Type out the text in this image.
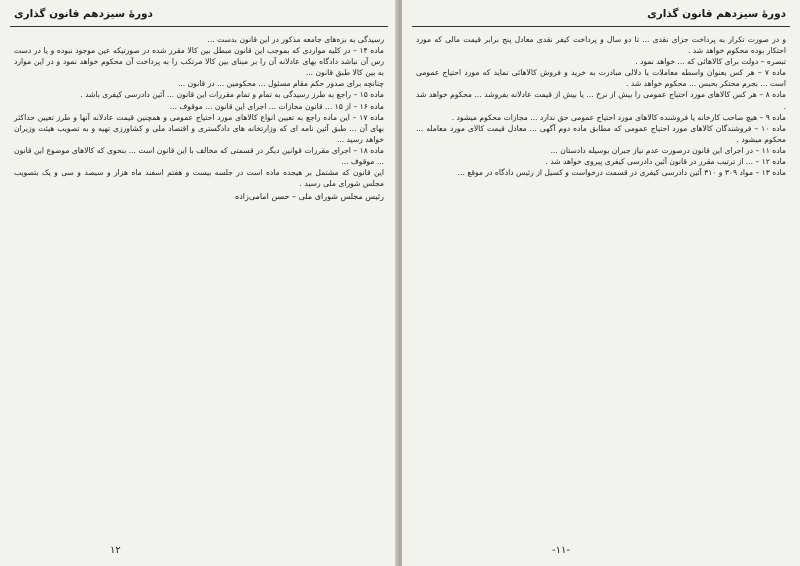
دورۀ سیزدهم قانون گذاری

رسیدگی به بزه‌های جامعه مذکور در این قانون بدست ...

ماده ۱۴ – در کلیه مواردی که بموجب این قانون مبطل بین کالا مقرر شده در صورتیکه عین موجود نبوده و یا در دست رس آن نباشد دادگاه بهای عادلانه آن را بر مبنای بین کالا مرتکب را به پرداخت آن محکوم خواهد نمود و در این موارد به بین کالا طبق قانون ...

چنانچه برای صدور حکم مقام مسئول ... محکومین ... در قانون ...

ماده ۱۵ – راجع به طرز رسیدگی به تمام و تمام مقررات این قانون ... آئین دادرسی کیفری باشد .

ماده ۱۶ – از ۱۵ ... قانون مجازات ... اجرای این قانون ... موقوف ...

ماده ۱۷ – این ماده راجع به تعیین انواع کالاهای مورد احتیاج عمومی و همچنین قیمت عادلانه آنها و طرز تعیین حداکثر بهای آن ... طبق آئین نامه ای که وزارتخانه های دادگستری و اقتصاد ملی و کشاورزی تهیه و به تصویب هیئت وزیران خواهد رسید ...

ماده ۱۸ – اجرای مقررات قوانین دیگر در قسمتی که مخالف با این قانون است ... بنحوی که کالاهای موضوع این قانون ... موقوف ...

این قانون که مشتمل بر هیجده ماده است در جلسه بیست و هفتم اسفند ماه هزار و سیصد و سی و یک بتصویب مجلس شورای ملی رسید .

رئیس مجلس شورای ملی – حسن امامی‌زاده
۱۲
دورۀ سیزدهم قانون گذاری

و در صورت تکرار به پرداخت جزای نقدی ... تا دو سال و پرداخت کیفر نقدی معادل پنج برابر قیمت مالی که مورد احتکار بوده محکوم خواهد شد .

تبصره – دولت برای کالاهائی که ... خواهد نمود .

ماده ۷ – هر کس بعنوان واسطه معاملات یا دلالی مبادرت به خرید و فروش کالاهائی نماید که مورد احتیاج عمومی است ... بجرم محتکر بحبس ... محکوم خواهد شد .

ماده ۸ – هر کس کالاهای مورد احتیاج عمومی را بیش از نرخ ... یا بیش از قیمت عادلانه بفروشد ... محکوم خواهد شد .

ماده ۹ – هیچ صاحب کارخانه یا فروشنده کالاهای مورد احتیاج عمومی حق ندارد ... مجازات محکوم میشود .

ماده ۱۰ – فروشندگان کالاهای مورد احتیاج عمومی که مطابق ماده دوم آگهی ... معادل قیمت کالای مورد معامله ... محکوم میشود .

ماده ۱۱ – در اجرای این قانون درصورت عدم نیاز جبران بوسیله دادستان ...

ماده ۱۲ – ... از ترتیب مقرر در قانون آئین دادرسی کیفری پیروی خواهد شد .

ماده ۱۳ – مواد ۳۰۹ و ۳۱۰ آئین دادرسی کیفری در قسمت درخواست و کسیل از رئیس دادگاه در موقع ...

-۱۱-
